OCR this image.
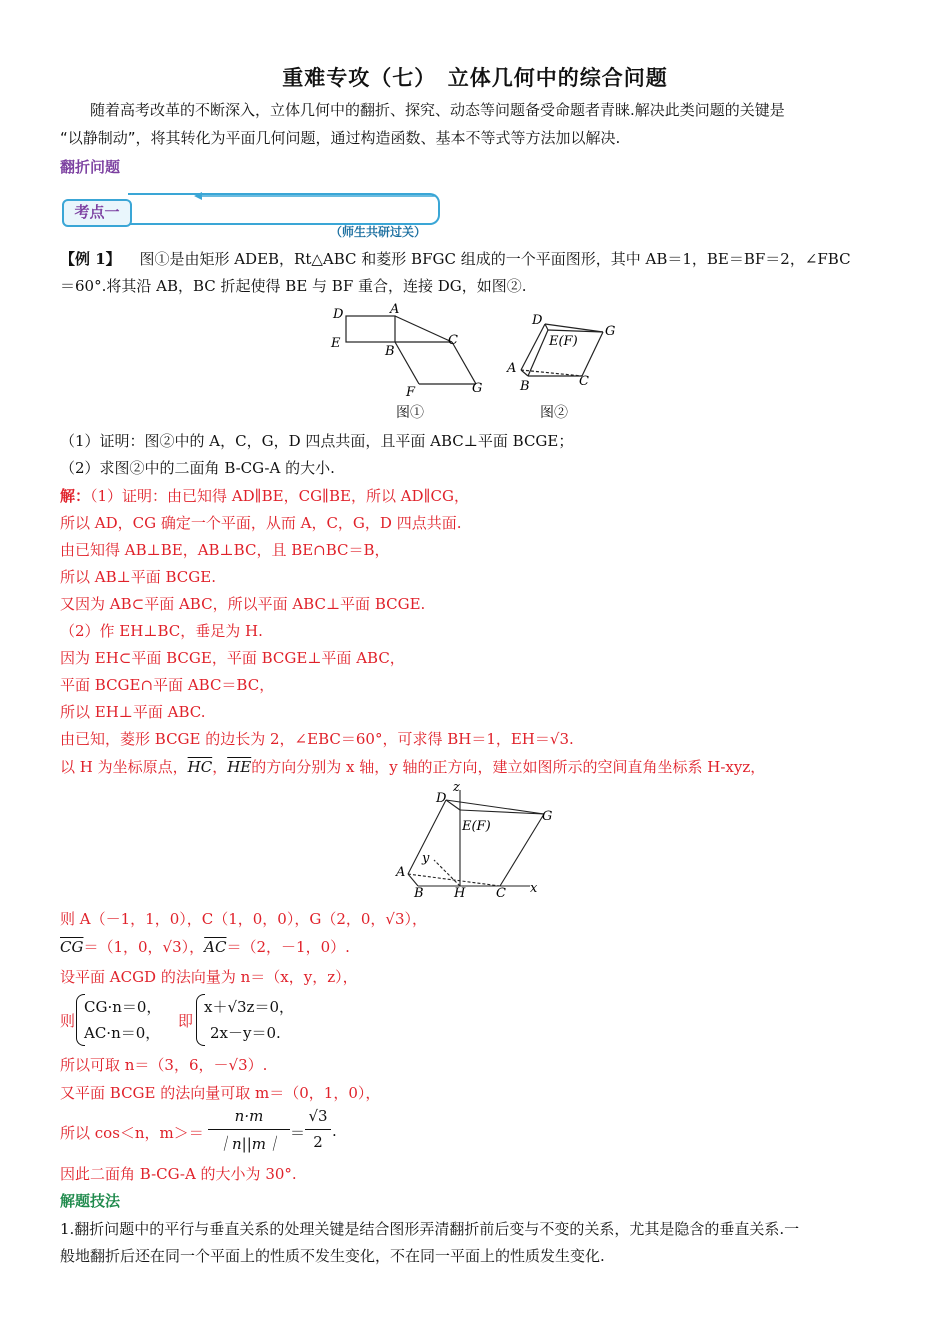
重难专攻（七）　立体几何中的综合问题
随着高考改革的不断深入，立体几何中的翻折、探究、动态等问题备受命题者青睐.解决此类问题的关键是
“以静制动”，将其转化为平面几何问题，通过构造函数、基本不等式等方法加以解决.
翻折问题
考点一
（师生共研过关）
【例 1】 图①是由矩形 ADEB，Rt△ABC 和菱形 BFGC 组成的一个平面图形，其中 AB＝1，BE＝BF＝2，∠FBC
＝60°.将其沿 AB，BC 折起使得 BE 与 BF 重合，连接 DG，如图②.
D	A
E
B
C
F	G
图①
D
G
E(F)
A
B	C
图②
（1）证明：图②中的 A，C，G，D 四点共面，且平面 ABC⊥平面 BCGE；
（2）求图②中的二面角 B-CG-A 的大小.
解：（1）证明：由已知得 AD∥BE，CG∥BE，所以 AD∥CG，
所以 AD，CG 确定一个平面，从而 A，C，G，D 四点共面.
由已知得 AB⊥BE，AB⊥BC，且 BE∩BC＝B，
所以 AB⊥平面 BCGE.
又因为 AB⊂平面 ABC，所以平面 ABC⊥平面 BCGE.
（2）作 EH⊥BC，垂足为 H.
因为 EH⊂平面 BCGE，平面 BCGE⊥平面 ABC，
平面 BCGE∩平面 ABC＝BC，
所以 EH⊥平面 ABC.
由已知，菱形 BCGE 的边长为 2，∠EBC＝60°，可求得 BH＝1，EH＝√3.
以 H 为坐标原点，$\overline{HC}$，$\overline{HE}$的方向分别为 x 轴，y 轴的正方向，建立如图所示的空间直角坐标系 H-xyz，
z
D
G
E(F)
y
A
B H C x
则 A（－1，1，0），C（1，0，0），G（2，0，√3），
$\overline{CG}=(1$，0，√3），$\overline{AC}=(2$，－1，0）.
设平面 ACGD 的法向量为 n＝（x，y，z），
则
CG·n＝0，
AC·n＝0，
即
x＋√3z＝0，
2x－y＝0.
所以可取 n＝（3，6，－√3）.
又平面 BCGE 的法向量可取 m＝（0，1，0），
所以 cos＜n，m＞＝
n·m
｜n||m｜
＝
√3
2
.
因此二面角 B-CG-A 的大小为 30°.
解题技法
1.翻折问题中的平行与垂直关系的处理关键是结合图形弄清翻折前后变与不变的关系，尤其是隐含的垂直关系.一
般地翻折后还在同一个平面上的性质不发生变化，不在同一平面上的性质发生变化.
